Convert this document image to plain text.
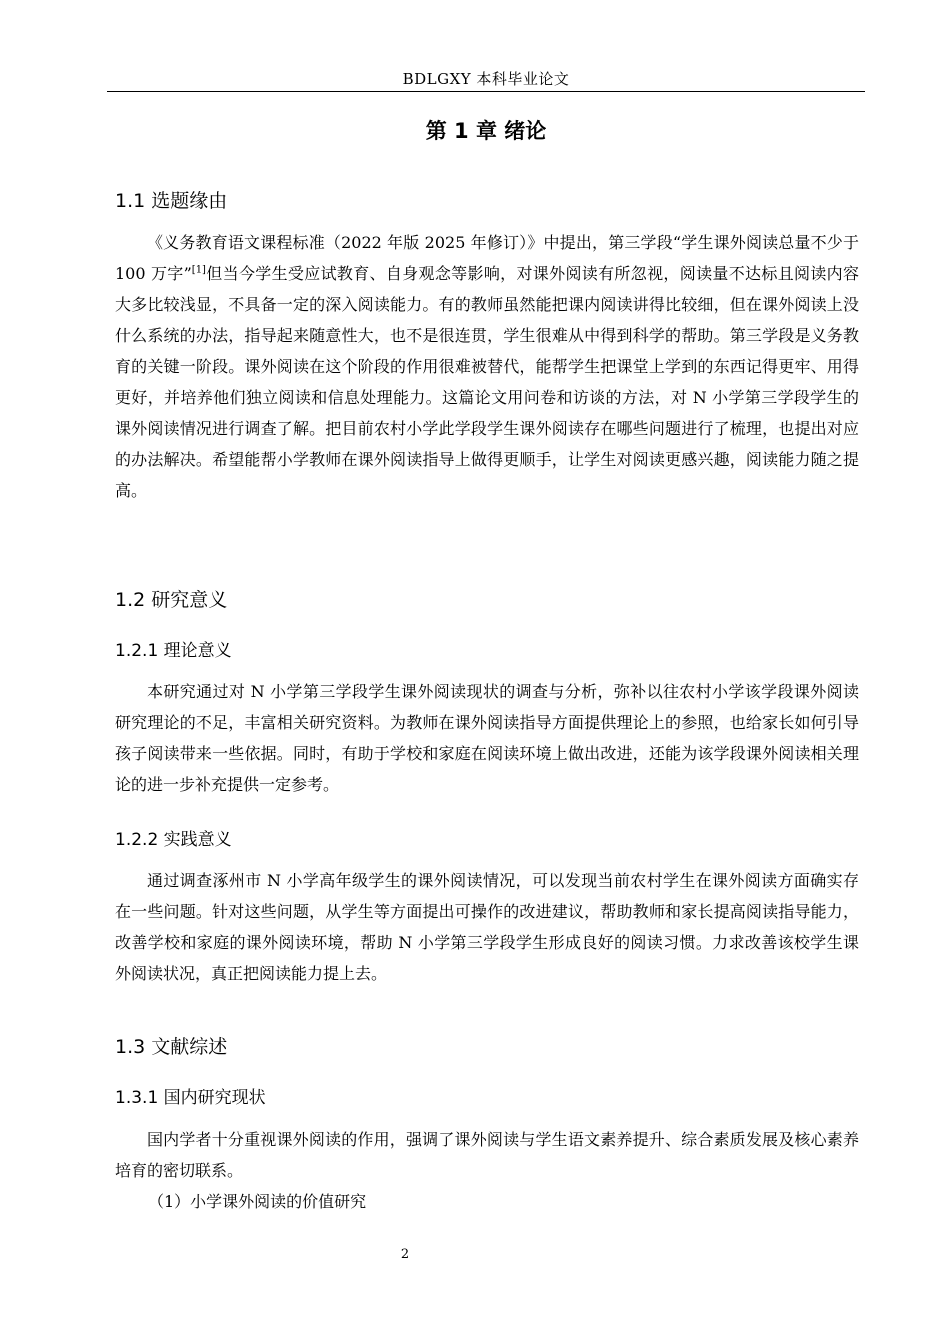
BDLGXY 本科毕业论文
第 1 章 绪论
1.1 选题缘由

《义务教育语文课程标准（2022 年版 2025 年修订）》中提出，第三学段“学生课外阅读总量不少于 100 万字”[1]但当今学生受应试教育、自身观念等影响，对课外阅读有所忽视，阅读量不达标且阅读内容大多比较浅显，不具备一定的深入阅读能力。有的教师虽然能把课内阅读讲得比较细，但在课外阅读上没什么系统的办法，指导起来随意性大，也不是很连贯，学生很难从中得到科学的帮助。第三学段是义务教育的关键一阶段。课外阅读在这个阶段的作用很难被替代，能帮学生把课堂上学到的东西记得更牢、用得更好，并培养他们独立阅读和信息处理能力。这篇论文用问卷和访谈的方法，对 N 小学第三学段学生的课外阅读情况进行调查了解。把目前农村小学此学段学生课外阅读存在哪些问题进行了梳理，也提出对应的办法解决。希望能帮小学教师在课外阅读指导上做得更顺手，让学生对阅读更感兴趣，阅读能力随之提高。

1.2 研究意义
1.2.1 理论意义

本研究通过对 N 小学第三学段学生课外阅读现状的调查与分析，弥补以往农村小学该学段课外阅读研究理论的不足，丰富相关研究资料。为教师在课外阅读指导方面提供理论上的参照，也给家长如何引导孩子阅读带来一些依据。同时，有助于学校和家庭在阅读环境上做出改进，还能为该学段课外阅读相关理论的进一步补充提供一定参考。

1.2.2 实践意义

通过调查涿州市 N 小学高年级学生的课外阅读情况，可以发现当前农村学生在课外阅读方面确实存在一些问题。针对这些问题，从学生等方面提出可操作的改进建议，帮助教师和家长提高阅读指导能力，改善学校和家庭的课外阅读环境，帮助 N 小学第三学段学生形成良好的阅读习惯。力求改善该校学生课外阅读状况，真正把阅读能力提上去。

1.3 文献综述
1.3.1 国内研究现状

国内学者十分重视课外阅读的作用，强调了课外阅读与学生语文素养提升、综合素质发展及核心素养培育的密切联系。

（1）小学课外阅读的价值研究

2
